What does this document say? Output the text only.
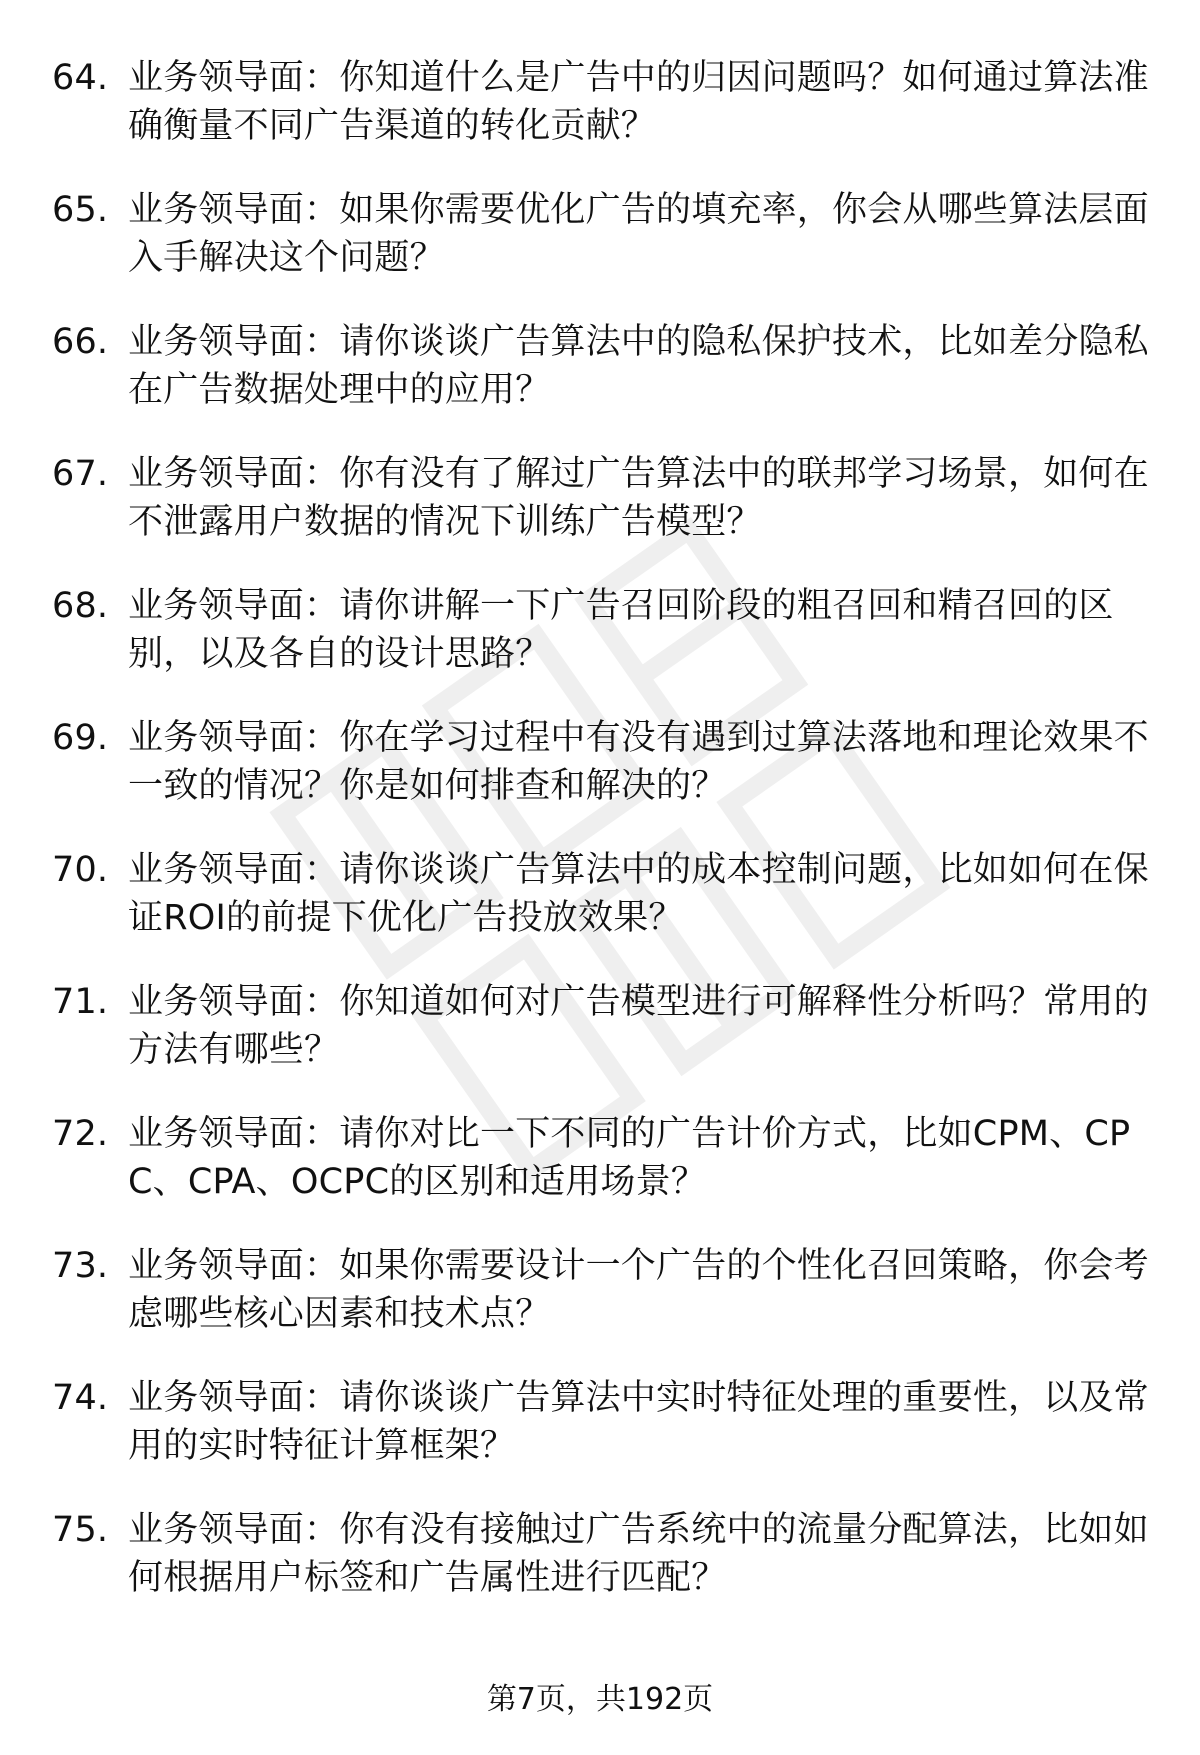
64. 业务领导面：你知道什么是广告中的归因问题吗？如何通过算法准确衡量不同广告渠道的转化贡献？
65. 业务领导面：如果你需要优化广告的填充率，你会从哪些算法层面入手解决这个问题？
66. 业务领导面：请你谈谈广告算法中的隐私保护技术，比如差分隐私在广告数据处理中的应用？
67. 业务领导面：你有没有了解过广告算法中的联邦学习场景，如何在不泄露用户数据的情况下训练广告模型？
68. 业务领导面：请你讲解一下广告召回阶段的粗召回和精召回的区别，以及各自的设计思路？
69. 业务领导面：你在学习过程中有没有遇到过算法落地和理论效果不一致的情况？你是如何排查和解决的？
70. 业务领导面：请你谈谈广告算法中的成本控制问题，比如如何在保证ROI的前提下优化广告投放效果？
71. 业务领导面：你知道如何对广告模型进行可解释性分析吗？常用的方法有哪些？
72. 业务领导面：请你对比一下不同的广告计价方式，比如CPM、CPC、CPA、OCPC的区别和适用场景？
73. 业务领导面：如果你需要设计一个广告的个性化召回策略，你会考虑哪些核心因素和技术点？
74. 业务领导面：请你谈谈广告算法中实时特征处理的重要性，以及常用的实时特征计算框架？
75. 业务领导面：你有没有接触过广告系统中的流量分配算法，比如如何根据用户标签和广告属性进行匹配？
第7页，共192页
